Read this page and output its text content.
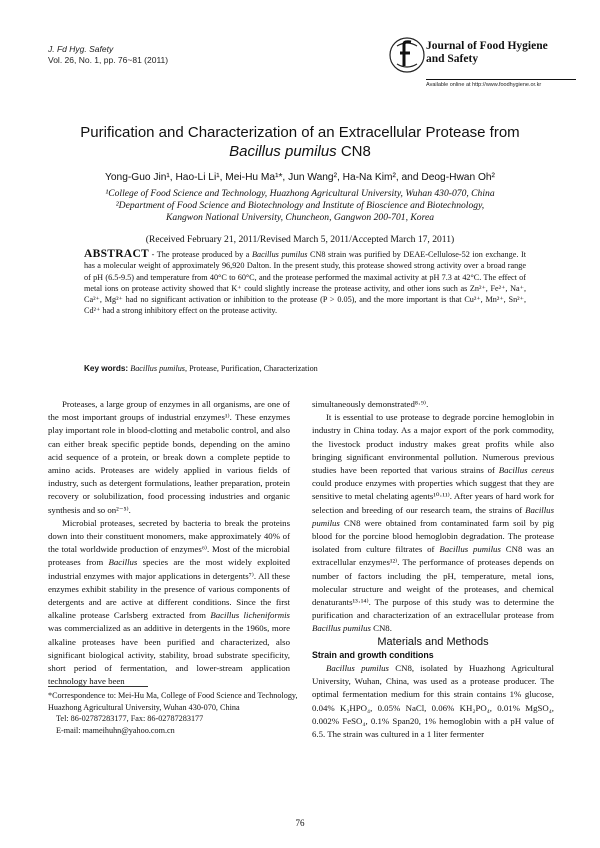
J. Fd Hyg. Safety
Vol. 26, No. 1, pp. 76~81 (2011)
Journal of Food Hygiene
and Safety
Available online at http://www.foodhygiene.or.kr
Purification and Characterization of an Extracellular Protease from
Bacillus pumilus CN8
Yong-Guo Jin¹, Hao-Li Li¹, Mei-Hu Ma¹*, Jun Wang², Ha-Na Kim², and Deog-Hwan Oh²
¹College of Food Science and Technology, Huazhong Agricultural University, Wuhan 430-070, China
²Department of Food Science and Biotechnology and Institute of Bioscience and Biotechnology,
Kangwon National University, Chuncheon, Gangwon 200-701, Korea
(Received February 21, 2011/Revised March 5, 2011/Accepted March 17, 2011)
ABSTRACT - The protease produced by a Bacillus pumilus CN8 strain was purified by DEAE-Cellulose-52 ion exchange. It has a molecular weight of approximately 96,920 Dalton. In the present study, this protease showed strong activity over a broad range of pH (6.5-9.5) and temperature from 40°C to 60°C, and the protease performed the maximal activity at pH 7.3 at 42°C. The effect of metal ions on protease activity showed that K⁺ could slightly increase the protease activity, and other ions such as Zn²⁺, Fe²⁺, Na⁺, Ca²⁺, Mg²⁺ had no significant activation or inhibition to the protease (P > 0.05), and the more important is that Cu²⁺, Mn²⁺, Sn²⁺, Cd²⁺ had a strong inhibitory effect on the protease activity.
Key words: Bacillus pumilus, Protease, Purification, Characterization

Proteases, a large group of enzymes in all organisms, are one of the most important groups of industrial enzymes¹⁾. These enzymes play important role in blood-clotting and metabolic control, and also can either break specific peptide bonds, depending on the amino acid sequence of a protein, or break down a complete peptide to amino acids. Proteases are widely applied in various fields of industry, such as detergent formulations, leather preparation, protein recovery or solubilization, food processing industries and organic synthesis and so on²⁻⁵⁾.

Microbial proteases, secreted by bacteria to break the proteins down into their constituent monomers, make approximately 40% of the total worldwide production of enzymes⁶⁾. Most of the microbial proteases from Bacillus species are the most widely exploited industrial enzymes with major applications in detergents⁷⁾. All these enzymes exhibit stability in the presence of various components of detergents and are active at different conditions. Since the first alkaline protease Carlsberg extracted from Bacillus licheniformis was commercialized as an additive in detergents in the 1960s, more alkaline proteases have been purified and characterized, also significant biological activity, stability, broad substrate specificity, short period of fermentation, and lower-stream application technology have been

*Correspondence to: Mei-Hu Ma, College of Food Science and Technology, Huazhong Agricultural University, Wuhan 430-070, China
Tel: 86-02787283177, Fax: 86-02787283177
E-mail: mameihuhn@yahoo.com.cn

simultaneously demonstrated⁸·⁹⁾.

It is essential to use protease to degrade porcine hemoglobin in industry in China today. As a major export of the pork commodity, the livestock product industry makes great profits while also bringing significant environmental pollution. Numerous previous studies have been reported that various strains of Bacillus cereus could produce enzymes with properties which suggest that they are sensitive to metal chelating agents¹⁰·¹¹⁾. After years of hard work for selection and breeding of our research team, the strains of Bacillus pumilus CN8 were obtained from contaminated farm soil by pig blood for the porcine blood hemoglobin degradation. The protease isolated from culture filtrates of Bacillus pumilus CN8 was an extracellular enzymes¹²⁾. The performance of proteases depends on number of factors including the pH, temperature, metal ions, molecular structure and weight of the proteases, and chemical denaturants¹³·¹⁴⁾. The purpose of this study was to determine the purification and characterization of an extracellular protease from Bacillus pumilus CN8.

Materials and Methods

Strain and growth conditions

Bacillus pumilus CN8, isolated by Huazhong Agricultural University, Wuhan, China, was used as a protease producer. The optimal fermentation medium for this strain contains 1% glucose, 0.04% K₂HPO₄, 0.05% NaCl, 0.06% KH₂PO₄, 0.01% MgSO₄, 0.002% FeSO₄, 0.1% Span20, 1% hemoglobin with a pH value of 6.5. The strain was cultured in a 1 liter fermenter

76
